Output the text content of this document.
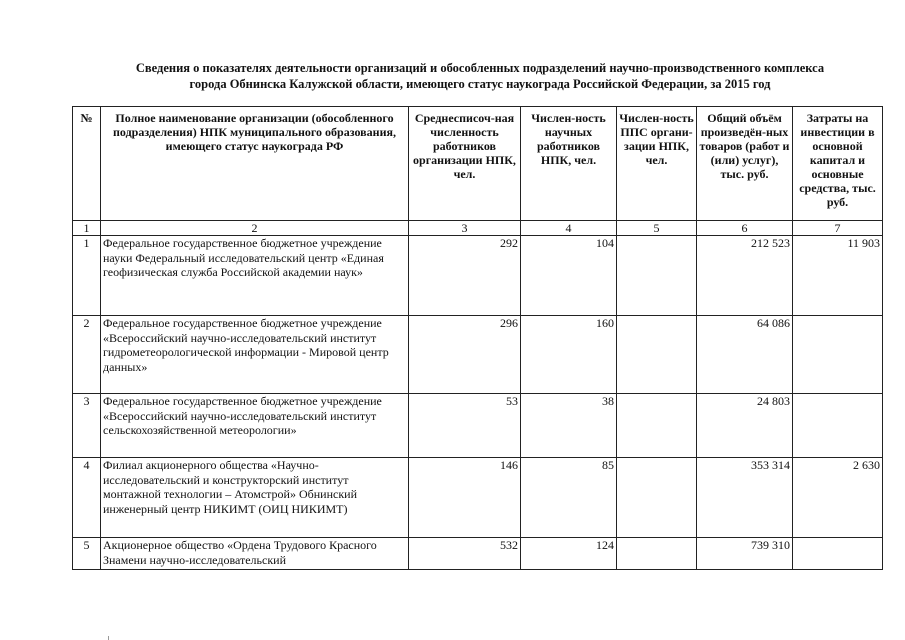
Сведения о показателях деятельности организаций и обособленных подразделений научно-производственного комплекса
города Обнинска Калужской области, имеющего статус наукограда Российской Федерации, за 2015 год
№	Полное наименование организации (обособленного подразделения) НПК муниципального образования, имеющего статус наукограда РФ	Среднесписоч-ная численность работников организации НПК, чел.	Числен-ность научных работников НПК, чел.	Числен-ность ППС органи-зации НПК, чел.	Общий объём произведён-ных товаров (работ и (или) услуг), тыс. руб.	Затраты на инвестиции в основной капитал и основные средства, тыс. руб.
1	2	3	4	5	6	7
1	Федеральное государственное бюджетное учреждение науки Федеральный исследовательский центр «Единая геофизическая служба Российской академии наук»	292	104		212 523	11 903
2	Федеральное государственное бюджетное учреждение «Всероссийский научно-исследовательский институт гидрометеорологической информации - Мировой центр данных»	296	160		64 086	
3	Федеральное государственное бюджетное учреждение «Всероссийский научно-исследовательский институт сельскохозяйственной метеорологии»	53	38		24 803	
4	Филиал акционерного общества «Научно-исследовательский и конструкторский институт монтажной технологии – Атомстрой» Обнинский инженерный центр НИКИМТ (ОИЦ НИКИМТ)	146	85		353 314	2 630
5	Акционерное общество «Ордена Трудового Красного Знамени научно-исследовательский	532	124		739 310	
